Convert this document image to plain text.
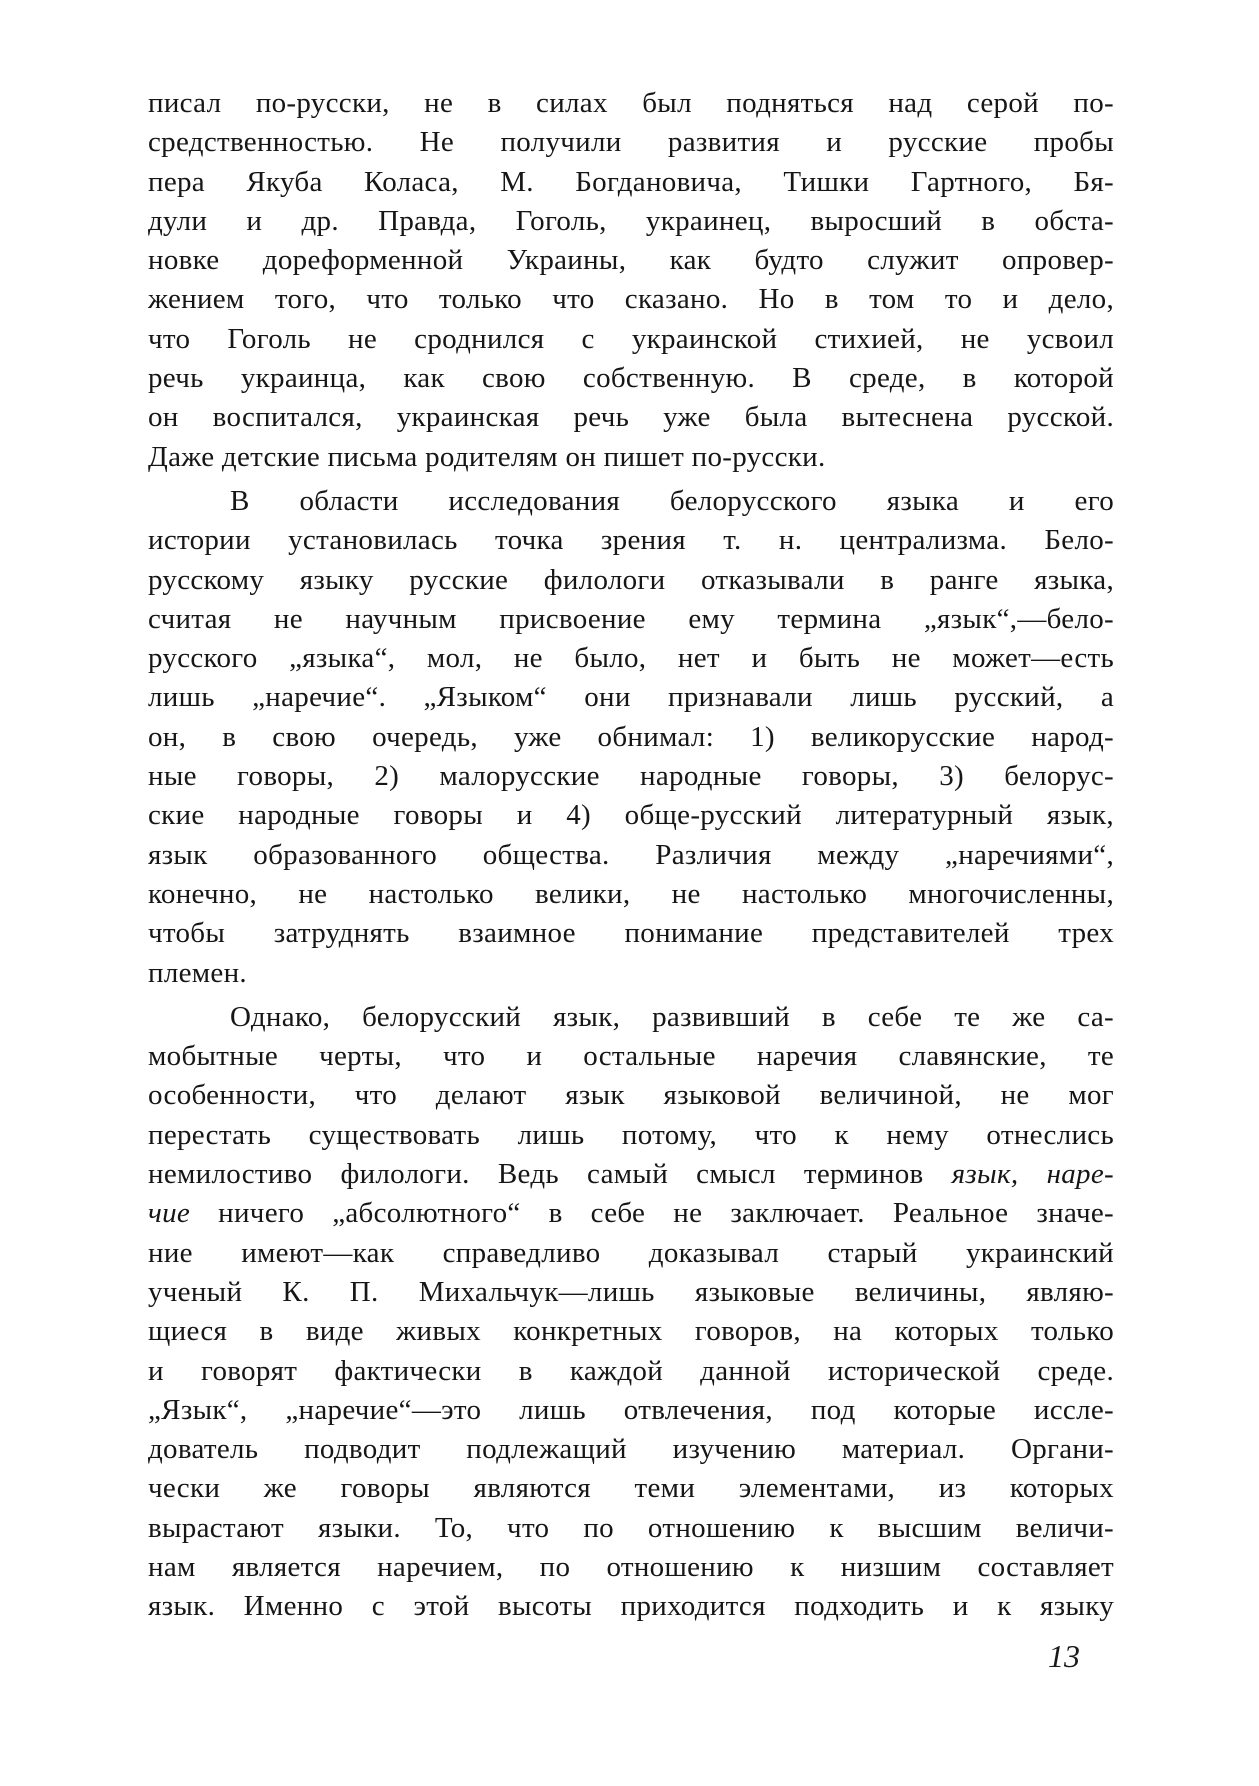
писал по-русски, не в силах был подняться над серой по-
средственностью. Не получили развития и русские пробы
пера Якуба Коласа, М. Богдановича, Тишки Гартного, Бя-
дули и др. Правда, Гоголь, украинец, выросший в обста-
новке дореформенной Украины, как будто служит опровер-
жением того, что только что сказано. Но в том то и дело,
что Гоголь не сроднился с украинской стихией, не усвоил
речь украинца, как свою собственную. В среде, в которой
он воспитался, украинская речь уже была вытеснена русской.
Даже детские письма родителям он пишет по-русски.
В области исследования белорусского языка и его
истории установилась точка зрения т. н. централизма. Бело-
русскому языку русские филологи отказывали в ранге языка,
считая не научным присвоение ему термина „язык“,—бело-
русского „языка“, мол, не было, нет и быть не может—есть
лишь „наречие“. „Языком“ они признавали лишь русский, а
он, в свою очередь, уже обнимал: 1) великорусские народ-
ные говоры, 2) малорусские народные говоры, 3) белорус-
ские народные говоры и 4) обще-русский литературный язык,
язык образованного общества. Различия между „наречиями“,
конечно, не настолько велики, не настолько многочисленны,
чтобы затруднять взаимное понимание представителей трех
племен.
Однако, белорусский язык, развивший в себе те же са-
мобытные черты, что и остальные наречия славянские, те
особенности, что делают язык языковой величиной, не мог
перестать существовать лишь потому, что к нему отнеслись
немилостиво филологи. Ведь самый смысл терминов язык, наре-
чие ничего „абсолютного“ в себе не заключает. Реальное значе-
ние имеют—как справедливо доказывал старый украинский
ученый К. П. Михальчук—лишь языковые величины, являю-
щиеся в виде живых конкретных говоров, на которых только
и говорят фактически в каждой данной исторической среде.
„Язык“, „наречие“—это лишь отвлечения, под которые иссле-
дователь подводит подлежащий изучению материал. Органи-
чески же говоры являются теми элементами, из которых
вырастают языки. То, что по отношению к высшим величи-
нам является наречием, по отношению к низшим составляет
язык. Именно с этой высоты приходится подходить и к языку
13
